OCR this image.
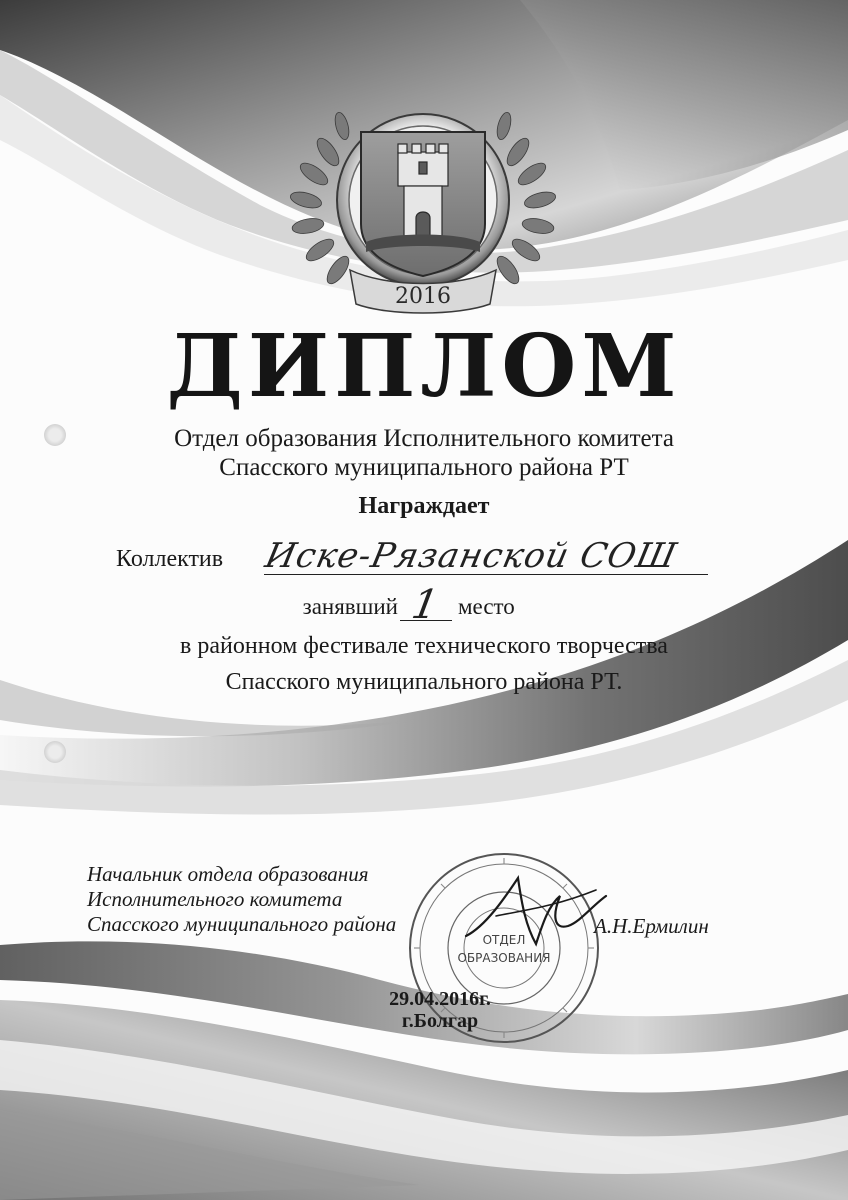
2016
ДИПЛОМ
Отдел образования Исполнительного комитета
Спасского муниципального района РТ
Награждает
Коллектив Иске-Рязанской СОШ
занявший 1 место
в районном фестивале технического творчества
Спасского муниципального района РТ.
Начальник отдела образования
Исполнительного комитета
Спасского муниципального района
ОТДЕЛ
ОБРАЗОВАНИЯ
А.Н.Ермилин
29.04.2016г.
г.Болгар
